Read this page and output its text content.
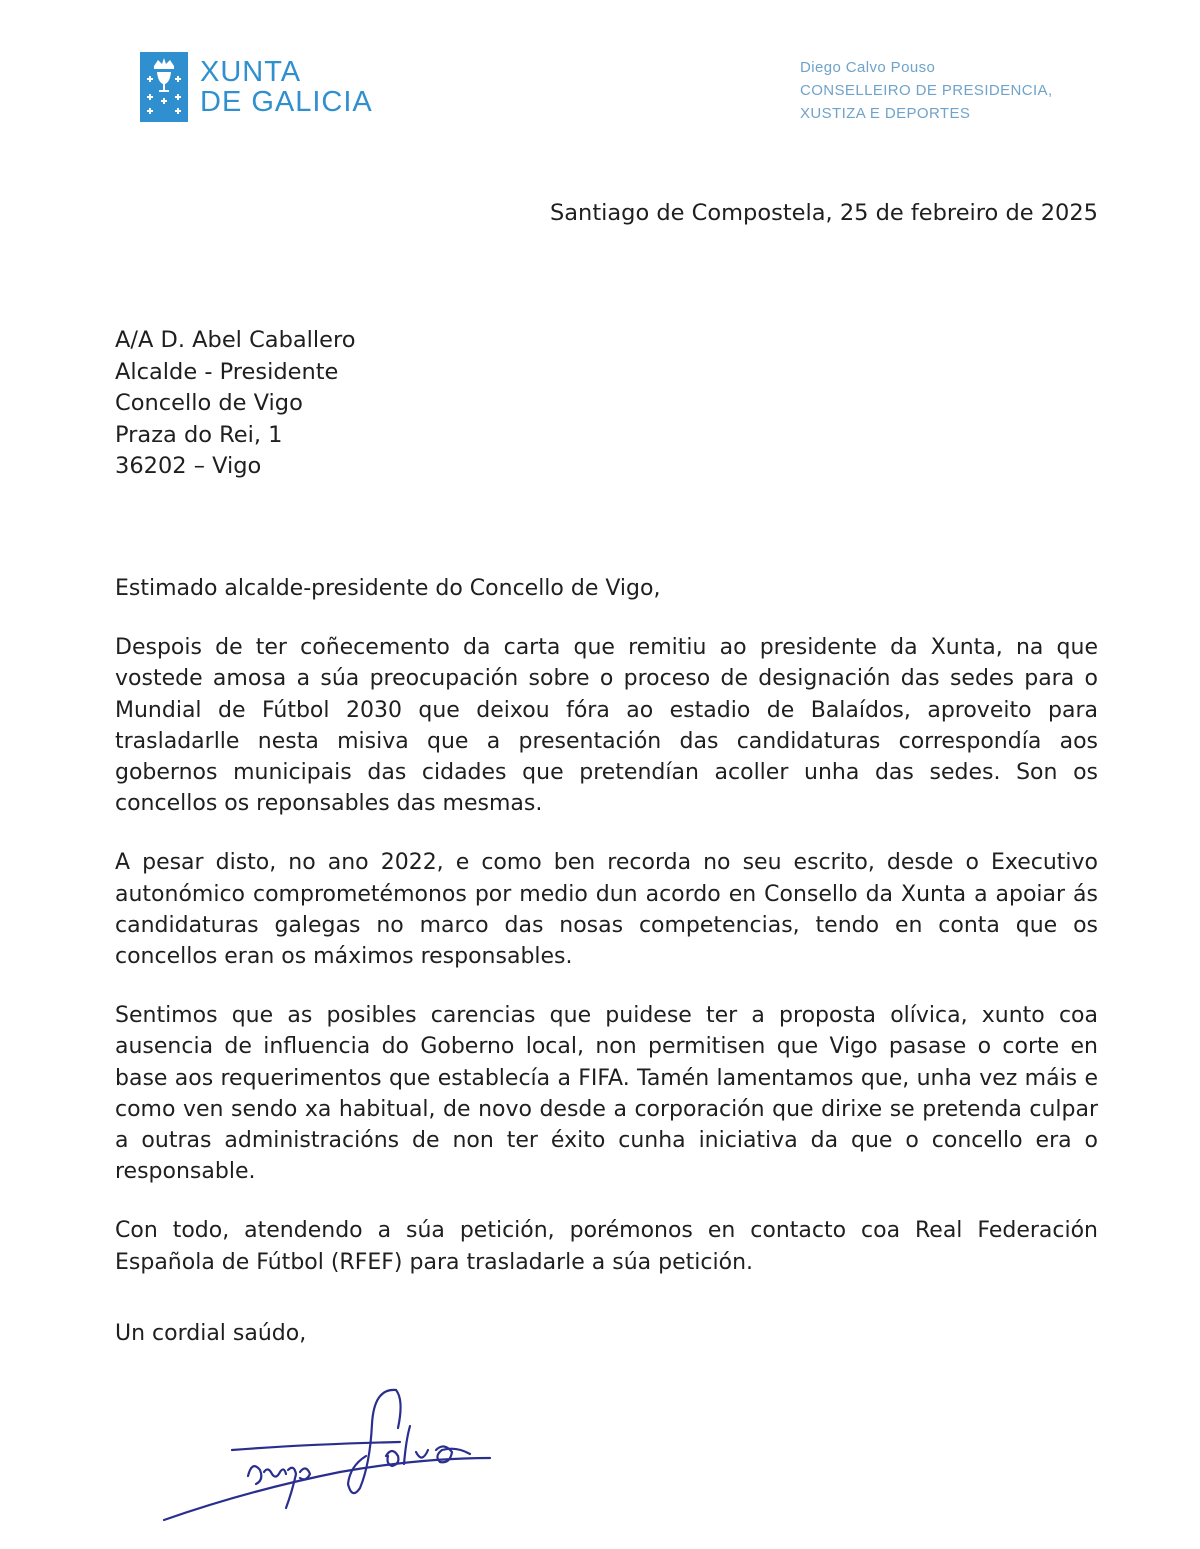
XUNTA
DE GALICIA
Diego Calvo Pouso
CONSELLEIRO DE PRESIDENCIA,
XUSTIZA E DEPORTES
Santiago de Compostela, 25 de febreiro de 2025
A/A D. Abel Caballero
Alcalde - Presidente
Concello de Vigo
Praza do Rei, 1
36202 – Vigo

Estimado alcalde-presidente do Concello de Vigo,

Despois de ter coñecemento da carta que remitiu ao presidente da Xunta, na que vostede amosa a súa preocupación sobre o proceso de designación das sedes para o Mundial de Fútbol 2030 que deixou fóra ao estadio de Balaídos, aproveito para trasladarlle nesta misiva que a presentación das candidaturas correspondía aos gobernos municipais das cidades que pretendían acoller unha das sedes. Son os concellos os reponsables das mesmas.

A pesar disto, no ano 2022, e como ben recorda no seu escrito, desde o Executivo autonómico comprometémonos por medio dun acordo en Consello da Xunta a apoiar ás candidaturas galegas no marco das nosas competencias, tendo en conta que os concellos eran os máximos responsables.

Sentimos que as posibles carencias que puidese ter a proposta olívica, xunto coa ausencia de influencia do Goberno local, non permitisen que Vigo pasase o corte en base aos requerimentos que establecía a FIFA. Tamén lamentamos que, unha vez máis e como ven sendo xa habitual, de novo desde a corporación que dirixe se pretenda culpar a outras administracións de non ter éxito cunha iniciativa da que o concello era o responsable.

Con todo, atendendo a súa petición, porémonos en contacto coa Real Federación Española de Fútbol (RFEF) para trasladarle a súa petición.

Un cordial saúdo,
